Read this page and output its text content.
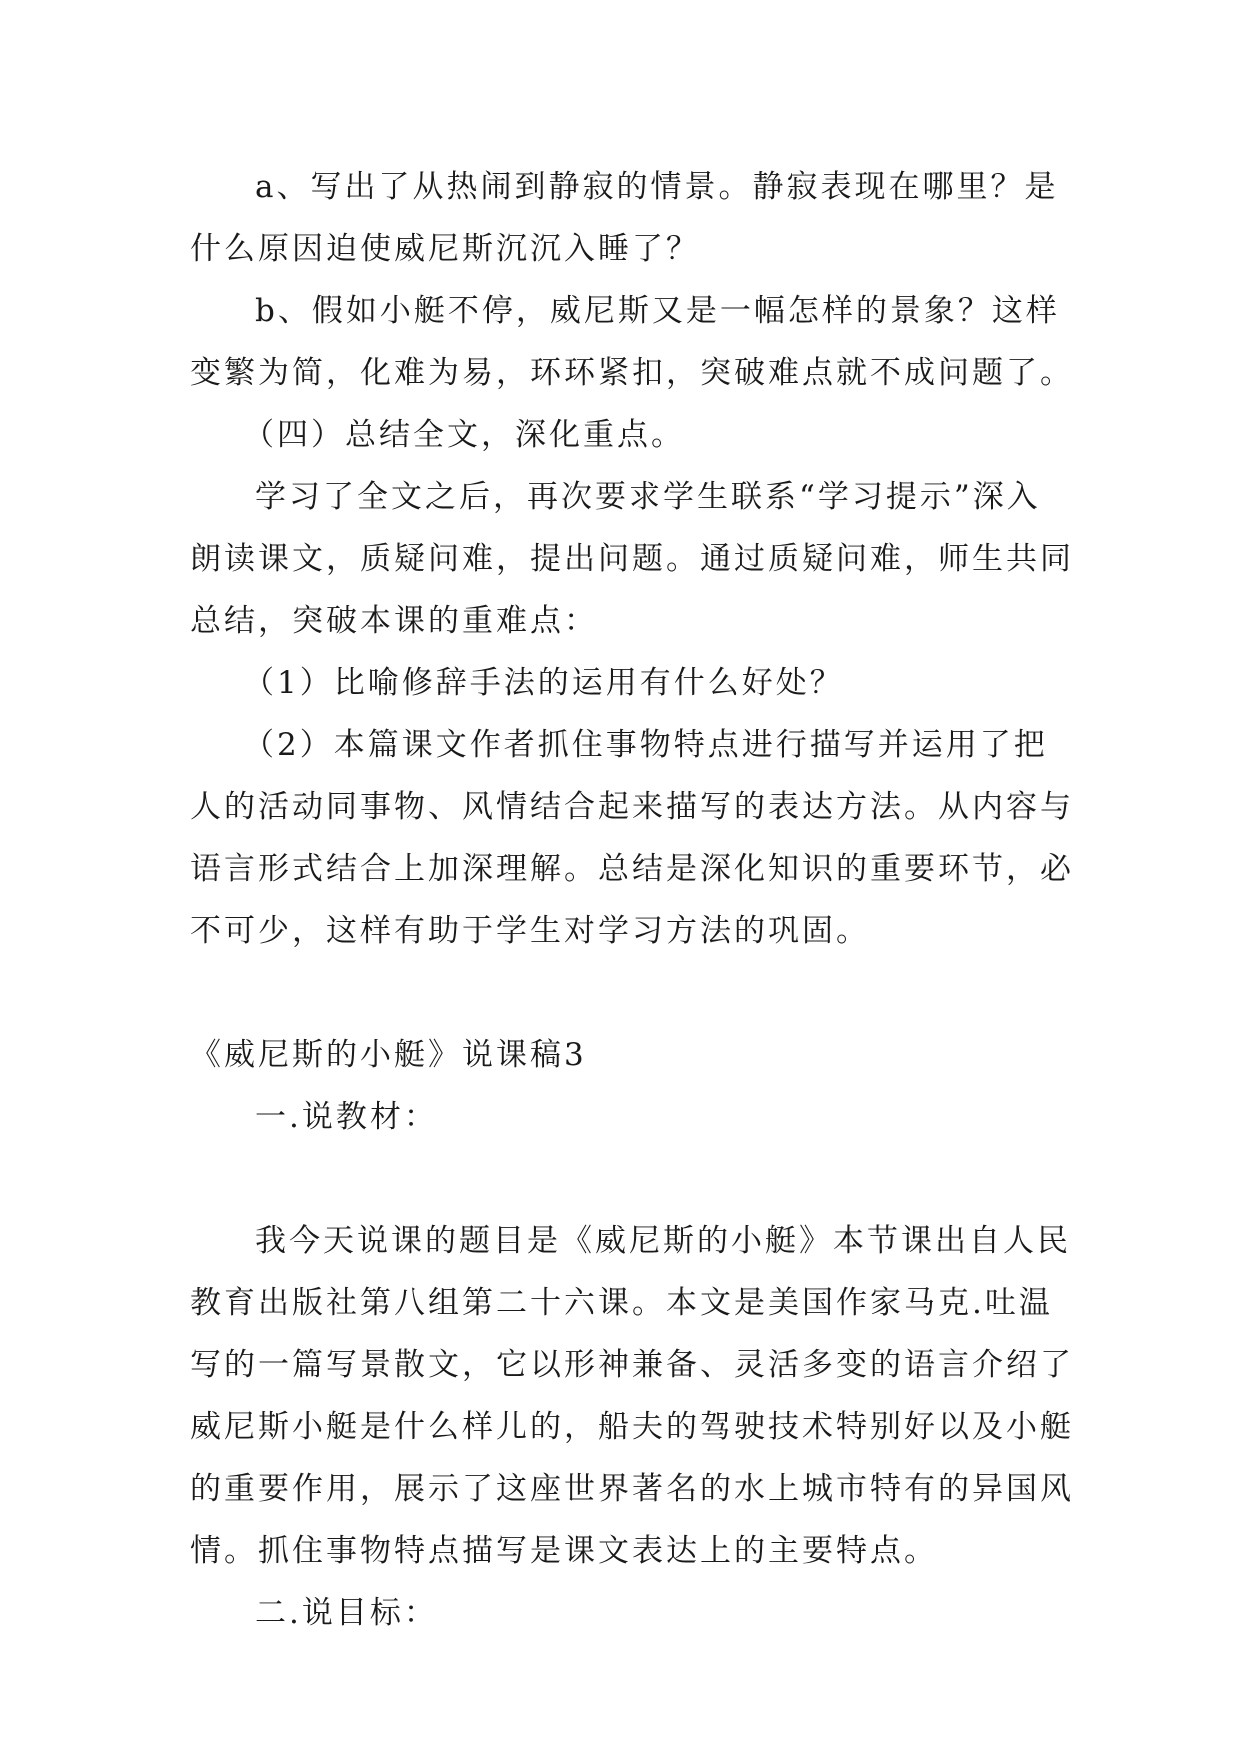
a、写出了从热闹到静寂的情景。静寂表现在哪里？是
什么原因迫使威尼斯沉沉入睡了？
b、假如小艇不停，威尼斯又是一幅怎样的景象？这样
变繁为简，化难为易，环环紧扣，突破难点就不成问题了。
（四）总结全文，深化重点。
学习了全文之后，再次要求学生联系“学习提示”深入
朗读课文，质疑问难，提出问题。通过质疑问难，师生共同
总结，突破本课的重难点：
（1）比喻修辞手法的运用有什么好处？
（2）本篇课文作者抓住事物特点进行描写并运用了把
人的活动同事物、风情结合起来描写的表达方法。从内容与
语言形式结合上加深理解。总结是深化知识的重要环节，必
不可少，这样有助于学生对学习方法的巩固。
《威尼斯的小艇》说课稿3
一.说教材：
我今天说课的题目是《威尼斯的小艇》本节课出自人民
教育出版社第八组第二十六课。本文是美国作家马克.吐温
写的一篇写景散文，它以形神兼备、灵活多变的语言介绍了
威尼斯小艇是什么样儿的，船夫的驾驶技术特别好以及小艇
的重要作用，展示了这座世界著名的水上城市特有的异国风
情。抓住事物特点描写是课文表达上的主要特点。
二.说目标：
